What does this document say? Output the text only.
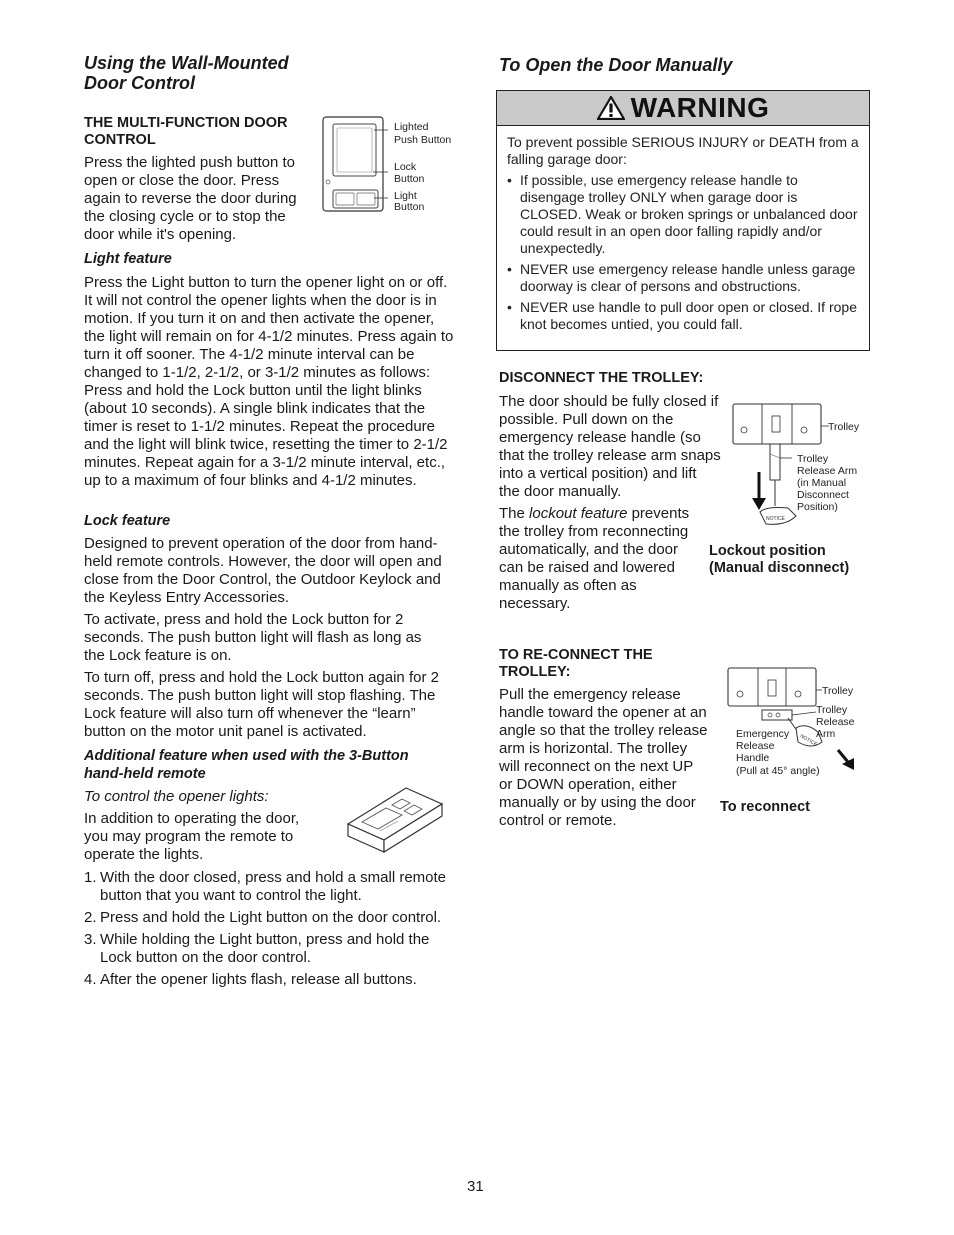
Using the Wall-Mounted
Door Control
THE MULTI-FUNCTION DOOR CONTROL
Press the lighted push button to open or close the door. Press again to reverse the door during the closing cycle or to stop the door while it's opening.
Lighted
Push Button
Lock
Button
Light
Button
Light feature
Press the Light button to turn the opener light on or off. It will not control the opener lights when the door is in motion. If you turn it on and then activate the opener, the light will remain on for 4-1/2 minutes. Press again to turn it off sooner. The 4-1/2 minute interval can be changed to 1-1/2, 2-1/2, or 3-1/2 minutes as follows: Press and hold the Lock button until the light blinks (about 10 seconds). A single blink indicates that the timer is reset to 1-1/2 minutes. Repeat the procedure and the light will blink twice, resetting the timer to 2-1/2 minutes. Repeat again for a 3-1/2 minute interval, etc., up to a maximum of four blinks and 4-1/2 minutes.
Lock feature
Designed to prevent operation of the door from hand-held remote controls. However, the door will open and close from the Door Control, the Outdoor Keylock and the Keyless Entry Accessories.
To activate, press and hold the Lock button for 2 seconds. The push button light will flash as long as the Lock feature is on.
To turn off, press and hold the Lock button again for 2 seconds. The push button light will stop flashing. The Lock feature will also turn off whenever the “learn” button on the motor unit panel is activated.
Additional feature when used with the 3-Button hand-held remote
To control the opener lights:
In addition to operating the door, you may program the remote to operate the lights.
1. With the door closed, press and hold a small remote button that you want to control the light.
2. Press and hold the Light button on the door control.
3. While holding the Light button, press and hold the Lock button on the door control.
4. After the opener lights flash, release all buttons.
To Open the Door Manually
WARNING
To prevent possible SERIOUS INJURY or DEATH from a falling garage door:
• If possible, use emergency release handle to disengage trolley ONLY when garage door is CLOSED. Weak or broken springs or unbalanced door could result in an open door falling rapidly and/or unexpectedly.
• NEVER use emergency release handle unless garage doorway is clear of persons and obstructions.
• NEVER use handle to pull door open or closed. If rope knot becomes untied, you could fall.
DISCONNECT THE TROLLEY:
The door should be fully closed if possible. Pull down on the emergency release handle (so that the trolley release arm snaps into a vertical position) and lift the door manually.
The lockout feature prevents the trolley from reconnecting automatically, and the door can be raised and lowered manually as often as necessary.
Trolley
NOTICE
Trolley
Release Arm
(in Manual
Disconnect
Position)
Lockout position
(Manual disconnect)
TO RE-CONNECT THE TROLLEY:
Pull the emergency release handle toward the opener at an angle so that the trolley release arm is horizontal. The trolley will reconnect on the next UP or DOWN operation, either manually or by using the door control or remote.
Trolley
NOTICE
Trolley
Release
Arm
Emergency
Release
Handle
(Pull at 45° angle)
To reconnect
31
